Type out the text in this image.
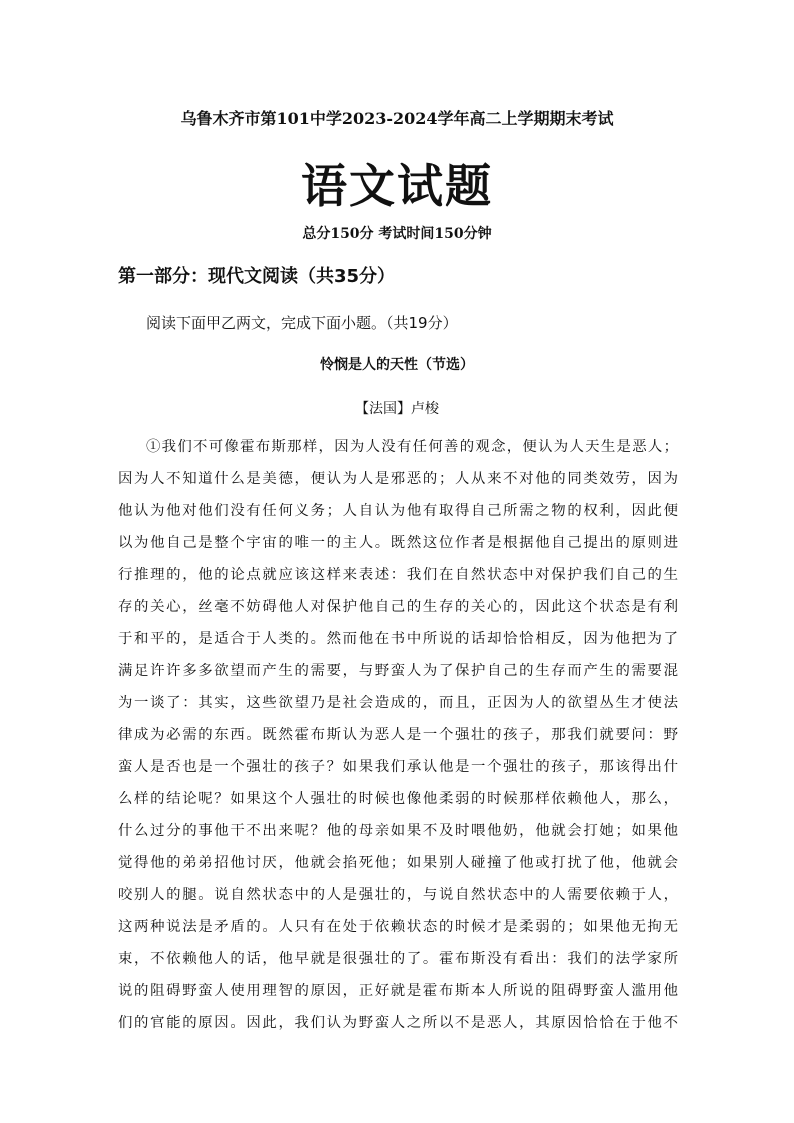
乌鲁木齐市第101中学2023-2024学年高二上学期期末考试
语文试题
总分150分 考试时间150分钟
第一部分：现代文阅读（共35分）
阅读下面甲乙两文，完成下面小题。（共19分）
怜悯是人的天性（节选）
【法国】卢梭
①我们不可像霍布斯那样，因为人没有任何善的观念，便认为人天生是恶人；
因为人不知道什么是美德，便认为人是邪恶的；人从来不对他的同类效劳，因为
他认为他对他们没有任何义务；人自认为他有取得自己所需之物的权利，因此便
以为他自己是整个宇宙的唯一的主人。既然这位作者是根据他自己提出的原则进
行推理的，他的论点就应该这样来表述：我们在自然状态中对保护我们自己的生
存的关心，丝毫不妨碍他人对保护他自己的生存的关心的，因此这个状态是有利
于和平的，是适合于人类的。然而他在书中所说的话却恰恰相反，因为他把为了
满足许许多多欲望而产生的需要，与野蛮人为了保护自己的生存而产生的需要混
为一谈了：其实，这些欲望乃是社会造成的，而且，正因为人的欲望丛生才使法
律成为必需的东西。既然霍布斯认为恶人是一个强壮的孩子，那我们就要问：野
蛮人是否也是一个强壮的孩子？如果我们承认他是一个强壮的孩子，那该得出什
么样的结论呢？如果这个人强壮的时候也像他柔弱的时候那样依赖他人，那么，
什么过分的事他干不出来呢？他的母亲如果不及时喂他奶，他就会打她；如果他
觉得他的弟弟招他讨厌，他就会掐死他；如果别人碰撞了他或打扰了他，他就会
咬别人的腿。说自然状态中的人是强壮的，与说自然状态中的人需要依赖于人，
这两种说法是矛盾的。人只有在处于依赖状态的时候才是柔弱的；如果他无拘无
束，不依赖他人的话，他早就是很强壮的了。霍布斯没有看出：我们的法学家所
说的阻碍野蛮人使用理智的原因，正好就是霍布斯本人所说的阻碍野蛮人滥用他
们的官能的原因。因此，我们认为野蛮人之所以不是恶人，其原因恰恰在于他不
